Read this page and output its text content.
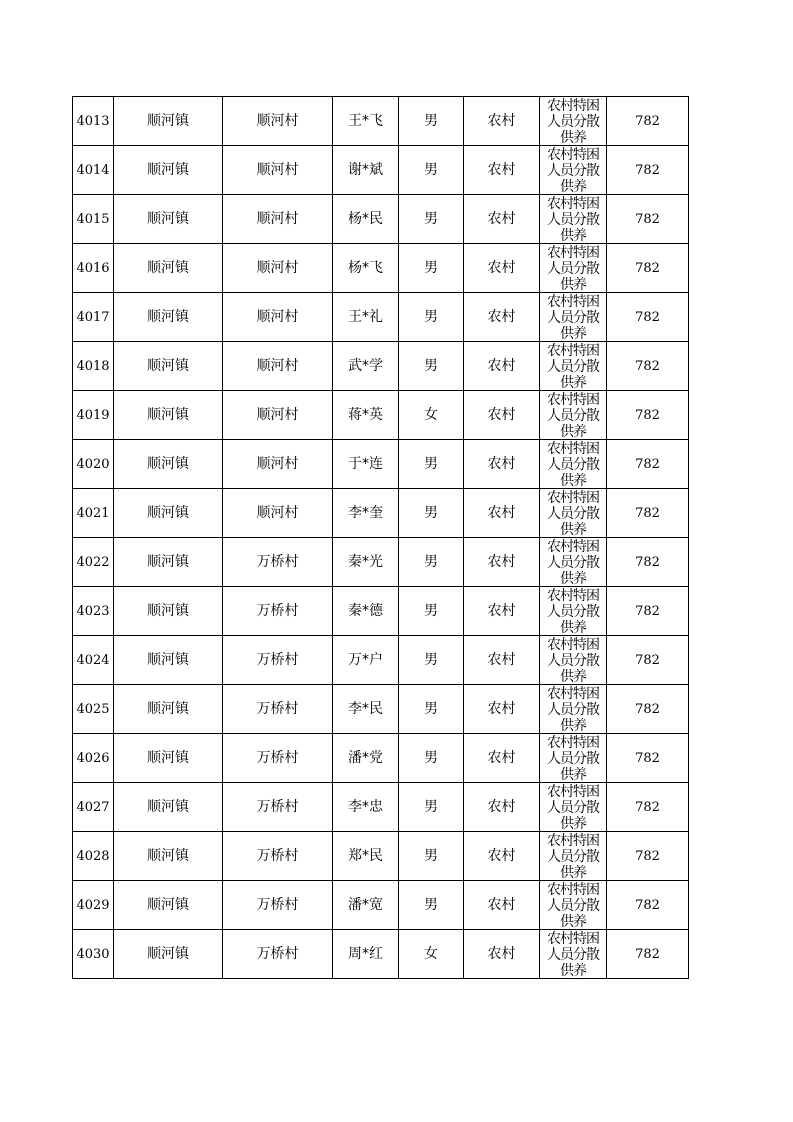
4013	顺河镇	顺河村	王*飞	男	农村	农村特困
人员分散
供养	782
4014	顺河镇	顺河村	谢*斌	男	农村	农村特困
人员分散
供养	782
4015	顺河镇	顺河村	杨*民	男	农村	农村特困
人员分散
供养	782
4016	顺河镇	顺河村	杨*飞	男	农村	农村特困
人员分散
供养	782
4017	顺河镇	顺河村	王*礼	男	农村	农村特困
人员分散
供养	782
4018	顺河镇	顺河村	武*学	男	农村	农村特困
人员分散
供养	782
4019	顺河镇	顺河村	蒋*英	女	农村	农村特困
人员分散
供养	782
4020	顺河镇	顺河村	于*连	男	农村	农村特困
人员分散
供养	782
4021	顺河镇	顺河村	李*奎	男	农村	农村特困
人员分散
供养	782
4022	顺河镇	万桥村	秦*光	男	农村	农村特困
人员分散
供养	782
4023	顺河镇	万桥村	秦*德	男	农村	农村特困
人员分散
供养	782
4024	顺河镇	万桥村	万*户	男	农村	农村特困
人员分散
供养	782
4025	顺河镇	万桥村	李*民	男	农村	农村特困
人员分散
供养	782
4026	顺河镇	万桥村	潘*党	男	农村	农村特困
人员分散
供养	782
4027	顺河镇	万桥村	李*忠	男	农村	农村特困
人员分散
供养	782
4028	顺河镇	万桥村	郑*民	男	农村	农村特困
人员分散
供养	782
4029	顺河镇	万桥村	潘*宽	男	农村	农村特困
人员分散
供养	782
4030	顺河镇	万桥村	周*红	女	农村	农村特困
人员分散
供养	782
